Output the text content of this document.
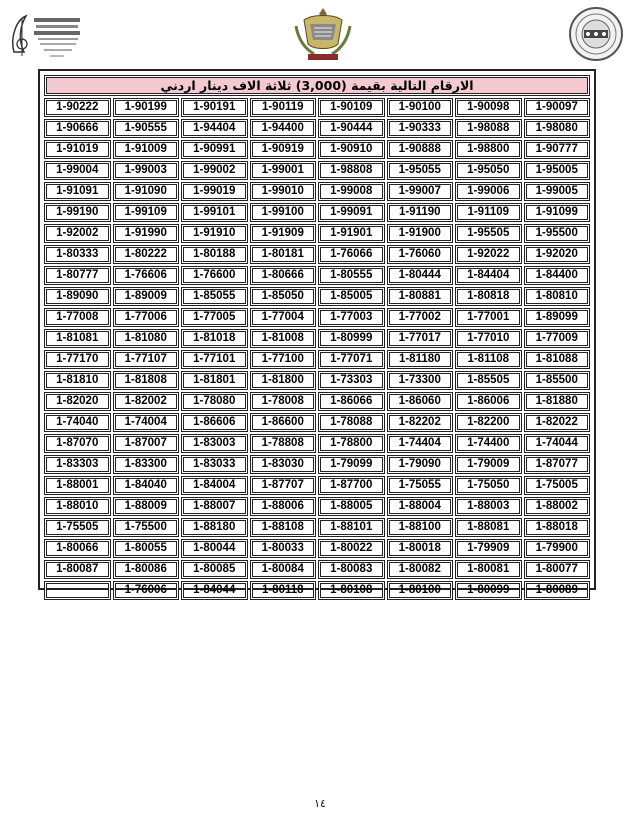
الارقام التالية بقيمة (3,000) ثلاثة الاف دينار اردني							
1-90222	1-90199	1-90191	1-90119	1-90109	1-90100	1-90098	1-90097
1-90666	1-90555	1-94404	1-94400	1-90444	1-90333	1-98088	1-98080
1-91019	1-91009	1-90991	1-90919	1-90910	1-90888	1-98800	1-90777
1-99004	1-99003	1-99002	1-99001	1-98808	1-95055	1-95050	1-95005
1-91091	1-91090	1-99019	1-99010	1-99008	1-99007	1-99006	1-99005
1-99190	1-99109	1-99101	1-99100	1-99091	1-91190	1-91109	1-91099
1-92002	1-91990	1-91910	1-91909	1-91901	1-91900	1-95505	1-95500
1-80333	1-80222	1-80188	1-80181	1-76066	1-76060	1-92022	1-92020
1-80777	1-76606	1-76600	1-80666	1-80555	1-80444	1-84404	1-84400
1-89090	1-89009	1-85055	1-85050	1-85005	1-80881	1-80818	1-80810
1-77008	1-77006	1-77005	1-77004	1-77003	1-77002	1-77001	1-89099
1-81081	1-81080	1-81018	1-81008	1-80999	1-77017	1-77010	1-77009
1-77170	1-77107	1-77101	1-77100	1-77071	1-81180	1-81108	1-81088
1-81810	1-81808	1-81801	1-81800	1-73303	1-73300	1-85505	1-85500
1-82020	1-82002	1-78080	1-78008	1-86066	1-86060	1-86006	1-81880
1-74040	1-74004	1-86606	1-86600	1-78088	1-82202	1-82200	1-82022
1-87070	1-87007	1-83003	1-78808	1-78800	1-74404	1-74400	1-74044
1-83303	1-83300	1-83033	1-83030	1-79099	1-79090	1-79009	1-87077
1-88001	1-84040	1-84004	1-87707	1-87700	1-75055	1-75050	1-75005
1-88010	1-88009	1-88007	1-88006	1-88005	1-88004	1-88003	1-88002
1-75505	1-75500	1-88180	1-88108	1-88101	1-88100	1-88081	1-88018
1-80066	1-80055	1-80044	1-80033	1-80022	1-80018	1-79909	1-79900
1-80087	1-80086	1-80085	1-80084	1-80083	1-80082	1-80081	1-80077
	1-76006	1-84044	1-80118	1-80108	1-80100	1-80099	1-80089
١٤
